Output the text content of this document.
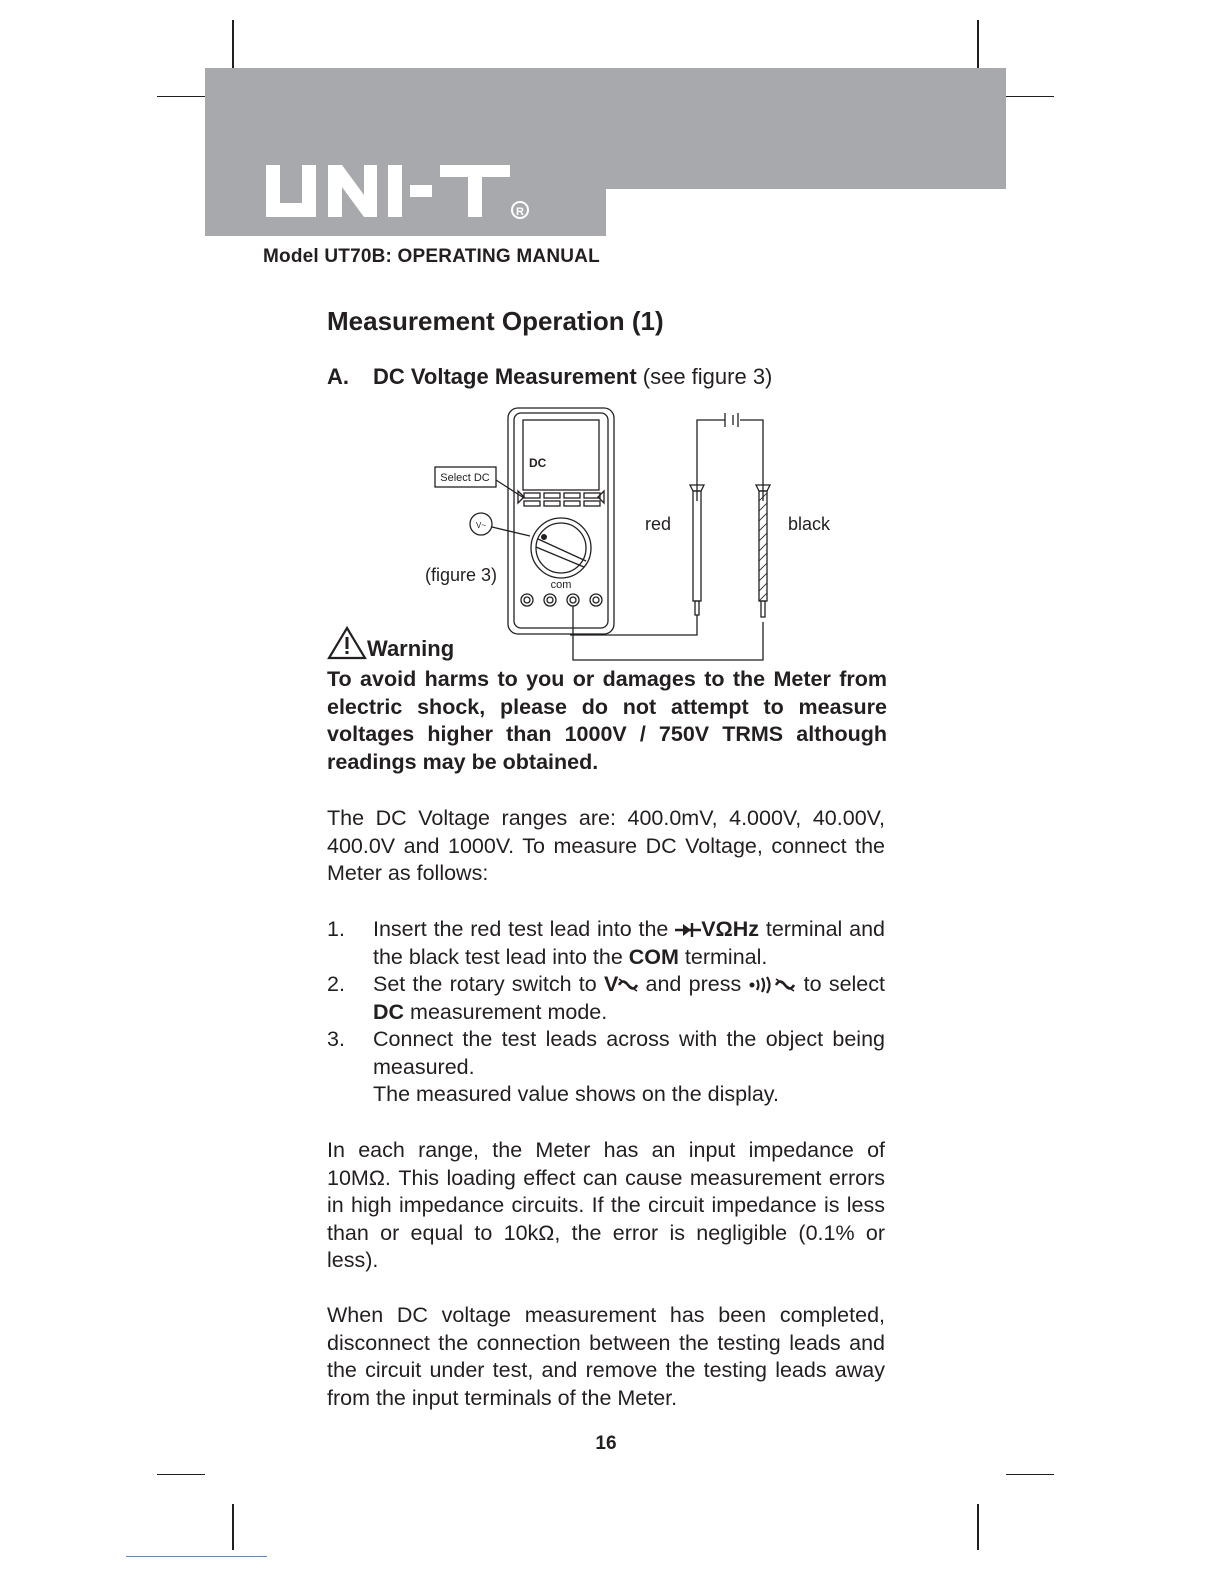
R
Model UT70B: OPERATING MANUAL
Measurement Operation (1)
A. DC Voltage Measurement (see figure 3)
DC
Select DC
V~
com
(figure 3)
red	black
Warning
To avoid harms to you or damages to the Meter from electric shock, please do not attempt to measure voltages higher than 1000V / 750V TRMS although readings may be obtained.
The DC Voltage ranges are: 400.0mV, 4.000V, 40.00V, 400.0V and 1000V. To measure DC Voltage, connect the Meter as follows:
1.	Insert the red test lead into the VΩHz terminal and the black test lead into the COM terminal.
2.	Set the rotary switch to V and press  to select DC measurement mode.
3.	Connect the test leads across with the object being measured.
The measured value shows on the display.
In each range, the Meter has an input impedance of 10MΩ. This loading effect can cause measurement errors in high impedance circuits. If the circuit impedance is less than or equal to 10kΩ, the error is negligible (0.1% or less).
When DC voltage measurement has been completed, disconnect the connection between the testing leads and the circuit under test, and remove the testing leads away from the input terminals of the Meter.
16
